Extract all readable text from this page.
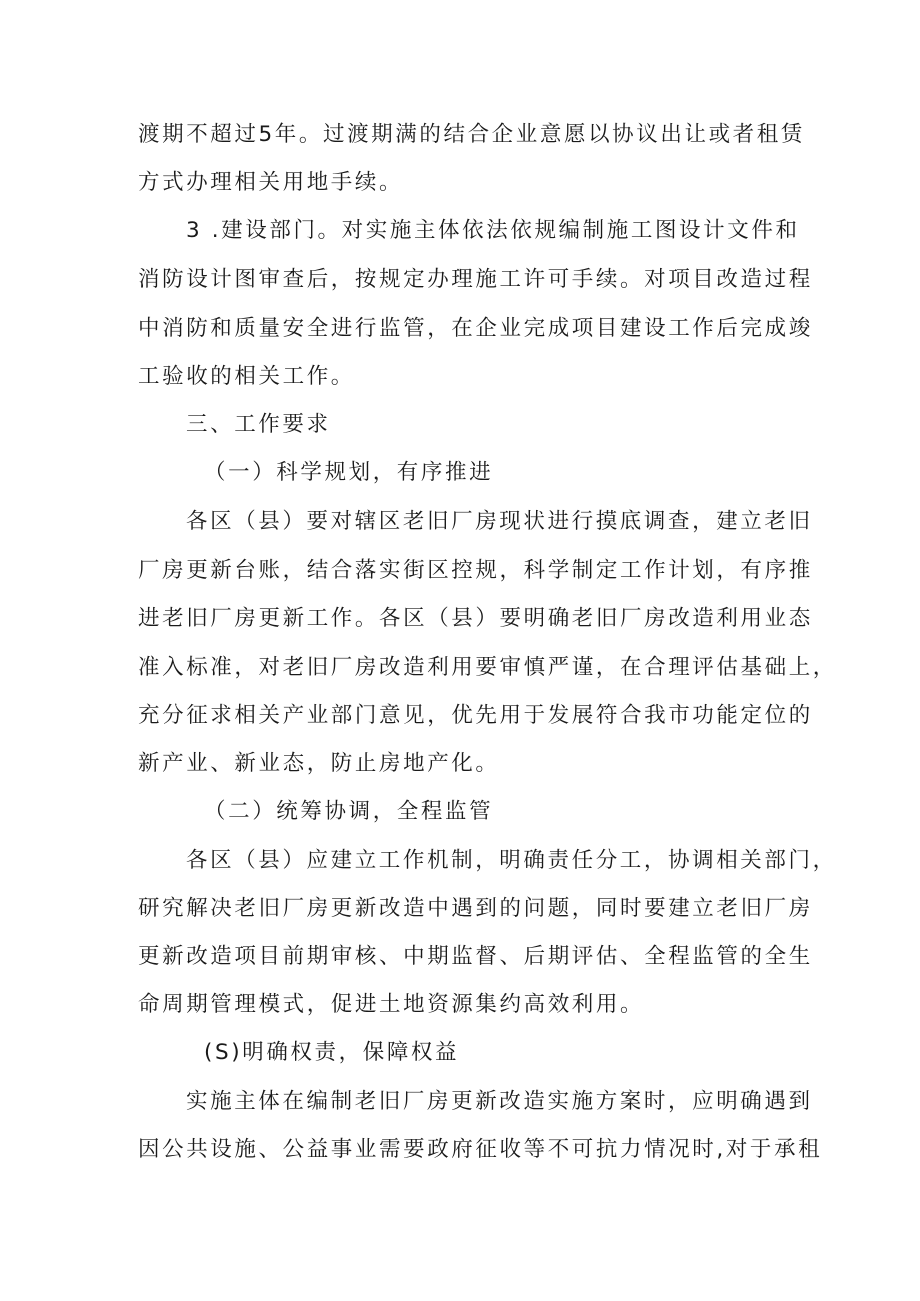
渡期不超过5年。过渡期满的结合企业意愿以协议出让或者租赁
方式办理相关用地手续。
3 .建设部门。对实施主体依法依规编制施工图设计文件和
消防设计图审查后，按规定办理施工许可手续。对项目改造过程
中消防和质量安全进行监管，在企业完成项目建设工作后完成竣
工验收的相关工作。
三、工作要求
（一）科学规划，有序推进
各区（县）要对辖区老旧厂房现状进行摸底调查，建立老旧
厂房更新台账，结合落实街区控规，科学制定工作计划，有序推
进老旧厂房更新工作。各区（县）要明确老旧厂房改造利用业态
准入标准，对老旧厂房改造利用要审慎严谨，在合理评估基础上，
充分征求相关产业部门意见，优先用于发展符合我市功能定位的
新产业、新业态，防止房地产化。
（二）统筹协调，全程监管
各区（县）应建立工作机制，明确责任分工，协调相关部门，
研究解决老旧厂房更新改造中遇到的问题，同时要建立老旧厂房
更新改造项目前期审核、中期监督、后期评估、全程监管的全生
命周期管理模式，促进土地资源集约高效利用。
(S)明确权责，保障权益
实施主体在编制老旧厂房更新改造实施方案时，应明确遇到
因公共设施、公益事业需要政府征收等不可抗力情况时,对于承租
